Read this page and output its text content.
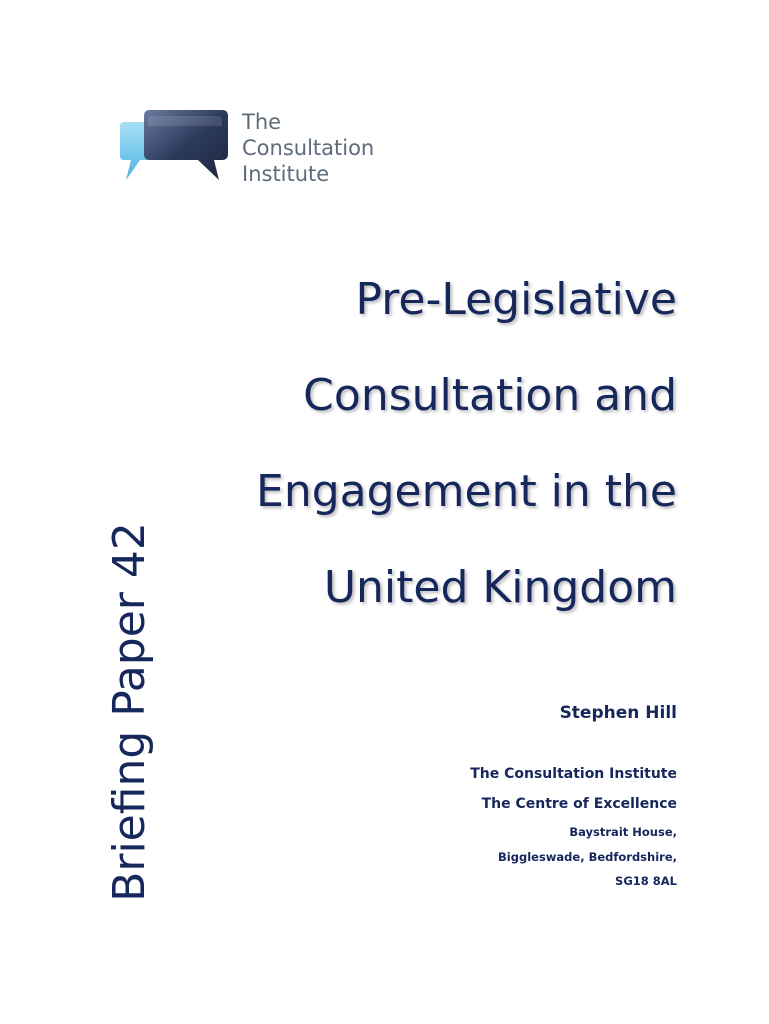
The
Consultation
Institute
Pre-Legislative
Consultation and
Engagement in the
United Kingdom
Briefing Paper 42	Stephen Hill
The Consultation Institute
The Centre of Excellence
Baystrait House,
Biggleswade, Bedfordshire,
SG18 8AL
